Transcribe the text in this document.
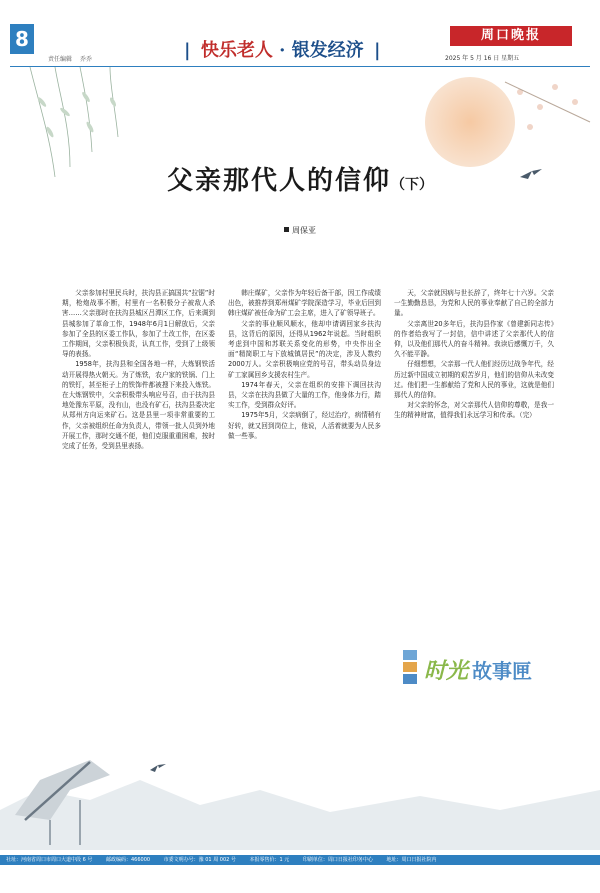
8
责任编辑 乔乔	| 快乐老人 · 银发经济 |
周口晚报
2025 年 5 月 16 日 星期五
父亲那代人的信仰（下）
周保亚

父亲参加村里民兵时，扶沟县正搞国共“拉锯”时期，枪炮战事不断，村里有一名积极分子被敌人杀害……父亲那时在扶沟县城区吕潭区工作，后来调到县城参加了革命工作，1948年6月1日解放后，父亲参加了全县的区委工作队，参加了土改工作，在区委工作期间，父亲积极负责，认真工作，受到了上级领导的表扬。

1958年，扶沟县和全国各地一样，大炼钢铁活动开展得热火朝天。为了炼铁，农户家的铁锅、门上的铁钉，甚至柜子上的铁饰件都被搜下来投入炼铁。在大炼钢铁中，父亲积极带头响应号召，由于扶沟县地处豫东平原，没有山，也没有矿石，扶沟县委决定从郑州方向运来矿石。这是县里一项非常重要的工作，父亲被组织任命为负责人，带领一批人员到外地开展工作，那时交通不便，他们克服重重困难，按时完成了任务，受到县里表扬。

韩庄煤矿，父亲作为年轻后备干部，因工作成绩出色，被推荐到郑州煤矿学院深造学习，毕业后回到韩庄煤矿被任命为矿工会主席，进入了矿领导班子。

父亲的事业顺风顺水，他却申请调回家乡扶沟县，这背后的原因，还得从1962年说起。当时组织考虑到中国和苏联关系变化的形势，中央作出全面“精简职工与下放城镇居民”的决定，涉及人数约2000万人。父亲积极响应党的号召，带头动员身边矿工家属回乡支援农村生产。

1974年春天，父亲在组织的安排下调回扶沟县，父亲在扶沟县做了大量的工作，他身体力行，踏实工作，受到群众好评。

1975年5月，父亲病倒了，经过治疗，病情稍有好转，就又回到岗位上，他说，人活着就要为人民多做一些事。

天，父亲就因病与世长辞了，终年七十六岁。父亲一生勤勤恳恳，为党和人民的事业奉献了自己的全部力量。

父亲离世20多年后，扶沟县作家《曾建新同志传》的作者给我写了一封信，信中讲述了父亲那代人的信仰，以及他们那代人的奋斗精神。我读后感慨万千，久久不能平静。

仔细想想，父亲那一代人他们经历过战争年代，经历过新中国成立初期的艰苦岁月，他们的信仰从未改变过。他们把一生都献给了党和人民的事业，这就是他们那代人的信仰。

对父亲的怀念，对父亲那代人信仰的尊敬，是我一生的精神财富，值得我们永远学习和传承。（完）

时光 故事匣
社址：河南省周口市周口大道中段 6 号	邮政编码：466000	市委文明办号：豫 01 周 002 号	本报零售价：1 元	印刷单位：周口日报社印务中心	地址：周口日报社院内
